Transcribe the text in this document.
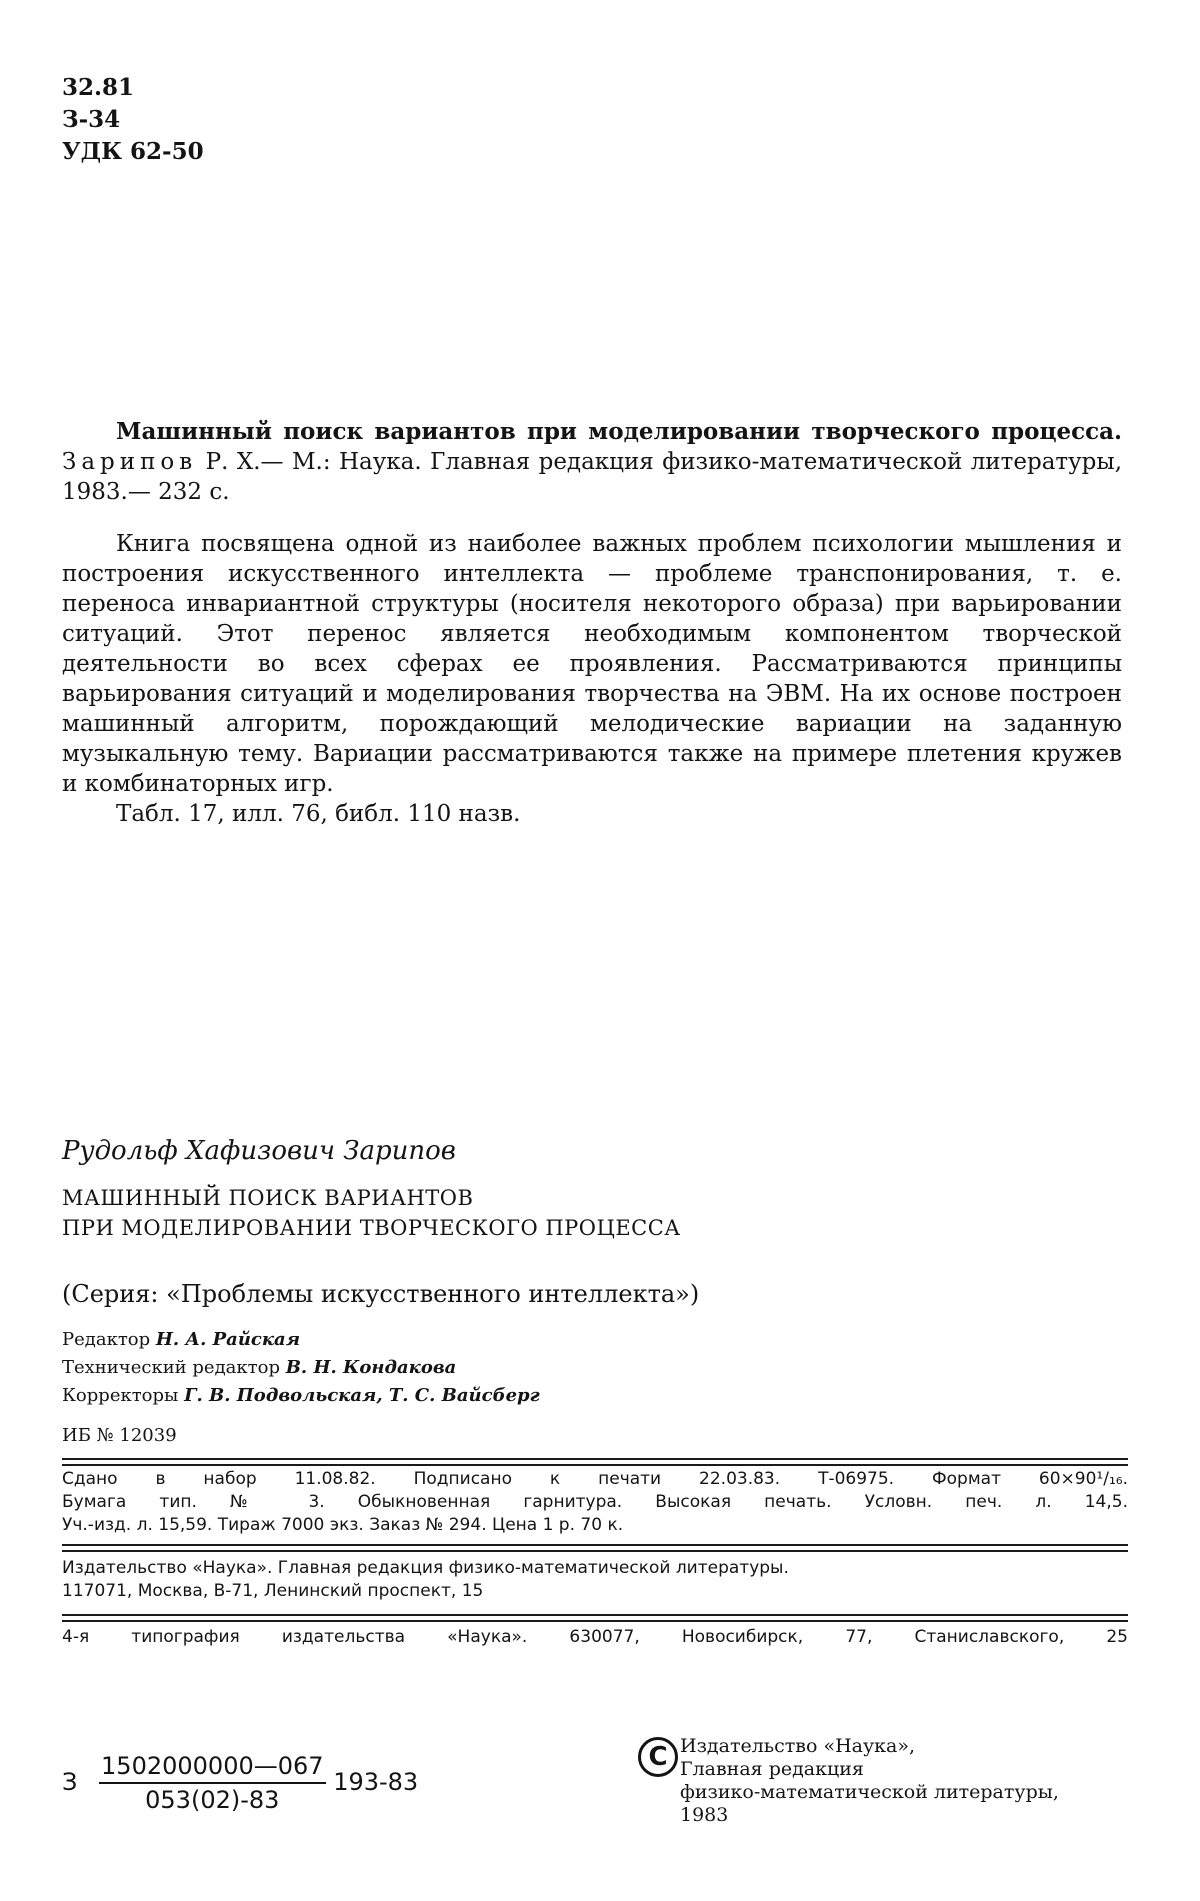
32.81
З-34
УДК 62-50

Машинный поиск вариантов при моделировании творческого процесса. Зарипов Р. Х.— М.: Наука. Главная редакция физико-математической литературы, 1983.— 232 с.

Книга посвящена одной из наиболее важных проблем психологии мышления и построения искусственного интеллекта — проблеме транспонирования, т. е. переноса инвариантной структуры (носителя некоторого образа) при варьировании ситуаций. Этот перенос является необходимым компонентом творческой деятельности во всех сферах ее проявления. Рассматриваются принципы варьирования ситуаций и моделирования творчества на ЭВМ. На их основе построен машинный алгоритм, порождающий мелодические вариации на заданную музыкальную тему. Вариации рассматриваются также на примере плетения кружев и комбинаторных игр.

Табл. 17, илл. 76, библ. 110 назв.

Рудольф Хафизович Зарипов
МАШИННЫЙ ПОИСК ВАРИАНТОВ
ПРИ МОДЕЛИРОВАНИИ ТВОРЧЕСКОГО ПРОЦЕССА
(Серия: «Проблемы искусственного интеллекта»)
Редактор Н. А. Райская
Технический редактор В. Н. Кондакова
Корректоры Г. В. Подвольская, Т. С. Вайсберг
ИБ № 12039

Сдано в набор 11.08.82. Подписано к печати 22.03.83. Т-06975. Формат 60×90¹/₁₆.

Бумага тип. № 3. Обыкновенная гарнитура. Высокая печать. Условн. печ. л. 14,5.

Уч.-изд. л. 15,59. Тираж 7000 экз. Заказ № 294. Цена 1 р. 70 к.

Издательство «Наука». Главная редакция физико-математической литературы.

117071, Москва, В-71, Ленинский проспект, 15

4-я типография издательства «Наука». 630077, Новосибирск, 77, Станиславского, 25

З $\frac{1502000000—067}{053(02)-83} 193-83$
C Издательство «Наука»,
Главная редакция
физико-математической литературы,
1983
